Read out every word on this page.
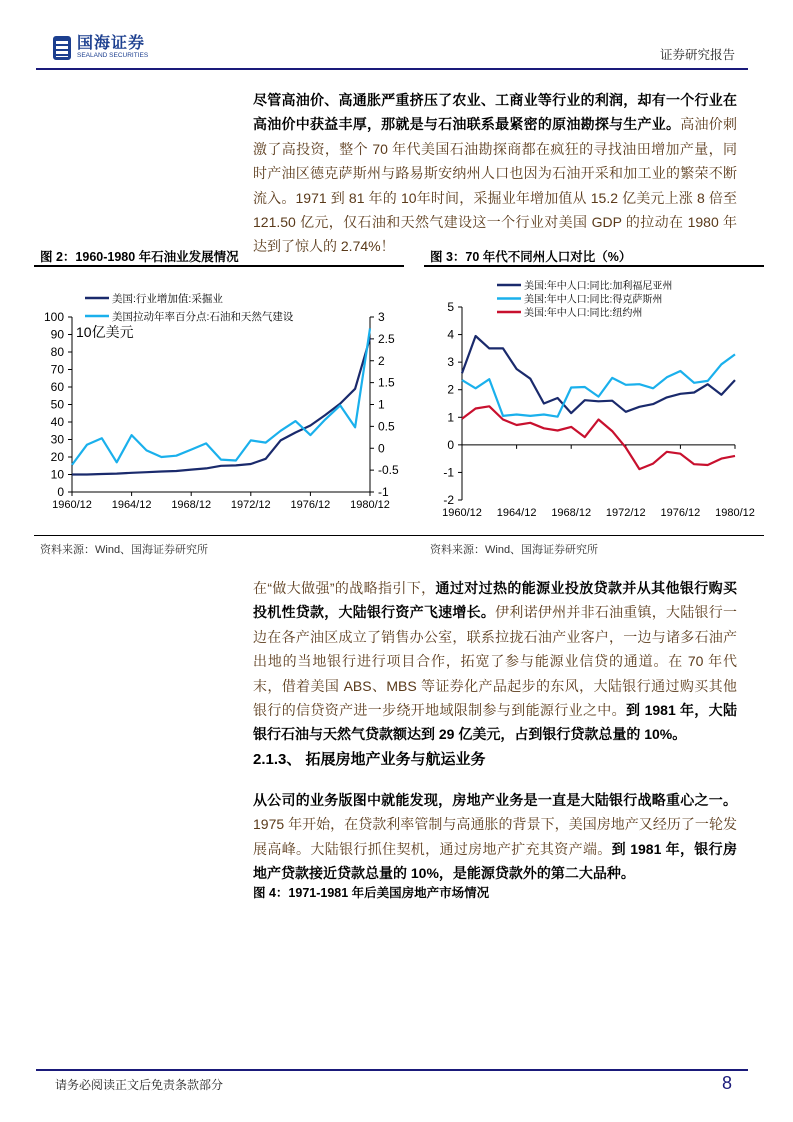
国海证券
SEALAND SECURITIES	证券研究报告
尽管高油价、高通胀严重挤压了农业、工商业等行业的利润，却有一个行业在高油价中获益丰厚，那就是与石油联系最紧密的原油勘探与生产业。高油价刺激了高投资，整个 70 年代美国石油勘探商都在疯狂的寻找油田增加产量，同时产油区德克萨斯州与路易斯安纳州人口也因为石油开采和加工业的繁荣不断流入。1971 到 81 年的 10年时间，采掘业年增加值从 15.2 亿美元上涨 8 倍至 121.50 亿元，仅石油和天然气建设这一个行业对美国 GDP 的拉动在 1980 年达到了惊人的 2.74%！
图 2：1960-1980 年石油业发展情况	图 3：70 年代不同州人口对比（%）
0
10
20
30
40
50
60
70
80
90
100
1960/12 1964/12 1968/12 1972/12 1976/12 1980/12
-1
-0.5
0
0.5
1
1.5
2
2.5
3
10亿美元
美国:行业增加值:采掘业
美国拉动年率百分点:石油和天然气建设
-2
-1
0
1
2
3
4
5
1960/12 1964/12 1968/12 1972/12 1976/12 1980/12
美国:年中人口:同比:加利福尼亚州
美国:年中人口:同比:得克萨斯州
美国:年中人口:同比:纽约州
资料来源：Wind、国海证券研究所	资料来源：Wind、国海证券研究所
在“做大做强”的战略指引下，通过对过热的能源业投放贷款并从其他银行购买投机性贷款，大陆银行资产飞速增长。伊利诺伊州并非石油重镇，大陆银行一边在各产油区成立了销售办公室，联系拉拢石油产业客户，一边与诸多石油产出地的当地银行进行项目合作，拓宽了参与能源业信贷的通道。在 70 年代末，借着美国 ABS、MBS 等证券化产品起步的东风，大陆银行通过购买其他银行的信贷资产进一步绕开地域限制参与到能源行业之中。到 1981 年，大陆银行石油与天然气贷款额达到 29 亿美元，占到银行贷款总量的 10%。
2.1.3、 拓展房地产业务与航运业务
从公司的业务版图中就能发现，房地产业务是一直是大陆银行战略重心之一。1975 年开始，在贷款利率管制与高通胀的背景下，美国房地产又经历了一轮发展高峰。大陆银行抓住契机，通过房地产扩充其资产端。到 1981 年，银行房地产贷款接近贷款总量的 10%，是能源贷款外的第二大品种。
图 4：1971-1981 年后美国房地产市场情况
请务必阅读正文后免责条款部分	8
